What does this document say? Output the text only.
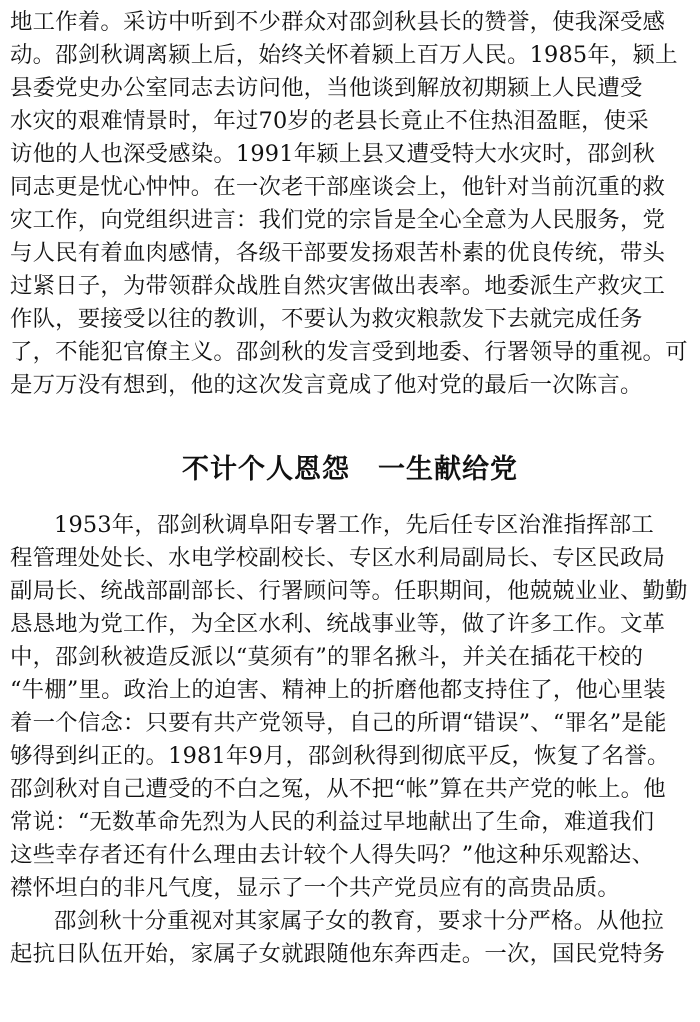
地工作着。采访中听到不少群众对邵剑秋县长的赞誉，使我深受感
动。邵剑秋调离颍上后，始终关怀着颍上百万人民。1985年，颍上
县委党史办公室同志去访问他，当他谈到解放初期颍上人民遭受
水灾的艰难情景时，年过70岁的老县长竟止不住热泪盈眶，使采
访他的人也深受感染。1991年颍上县又遭受特大水灾时，邵剑秋
同志更是忧心忡忡。在一次老干部座谈会上，他针对当前沉重的救
灾工作，向党组织进言：我们党的宗旨是全心全意为人民服务，党
与人民有着血肉感情，各级干部要发扬艰苦朴素的优良传统，带头
过紧日子，为带领群众战胜自然灾害做出表率。地委派生产救灾工
作队，要接受以往的教训，不要认为救灾粮款发下去就完成任务
了，不能犯官僚主义。邵剑秋的发言受到地委、行署领导的重视。可
是万万没有想到，他的这次发言竟成了他对党的最后一次陈言。
不计个人恩怨　一生献给党
1953年，邵剑秋调阜阳专署工作，先后任专区治淮指挥部工
程管理处处长、水电学校副校长、专区水利局副局长、专区民政局
副局长、统战部副部长、行署顾问等。任职期间，他兢兢业业、勤勤
恳恳地为党工作，为全区水利、统战事业等，做了许多工作。文革
中，邵剑秋被造反派以“莫须有”的罪名揪斗，并关在插花干校的
“牛棚”里。政治上的迫害、精神上的折磨他都支持住了，他心里装
着一个信念：只要有共产党领导，自己的所谓“错误”、“罪名”是能
够得到纠正的。1981年9月，邵剑秋得到彻底平反，恢复了名誉。
邵剑秋对自己遭受的不白之冤，从不把“帐”算在共产党的帐上。他
常说：“无数革命先烈为人民的利益过早地献出了生命，难道我们
这些幸存者还有什么理由去计较个人得失吗？”他这种乐观豁达、
襟怀坦白的非凡气度，显示了一个共产党员应有的高贵品质。
邵剑秋十分重视对其家属子女的教育，要求十分严格。从他拉
起抗日队伍开始，家属子女就跟随他东奔西走。一次，国民党特务
